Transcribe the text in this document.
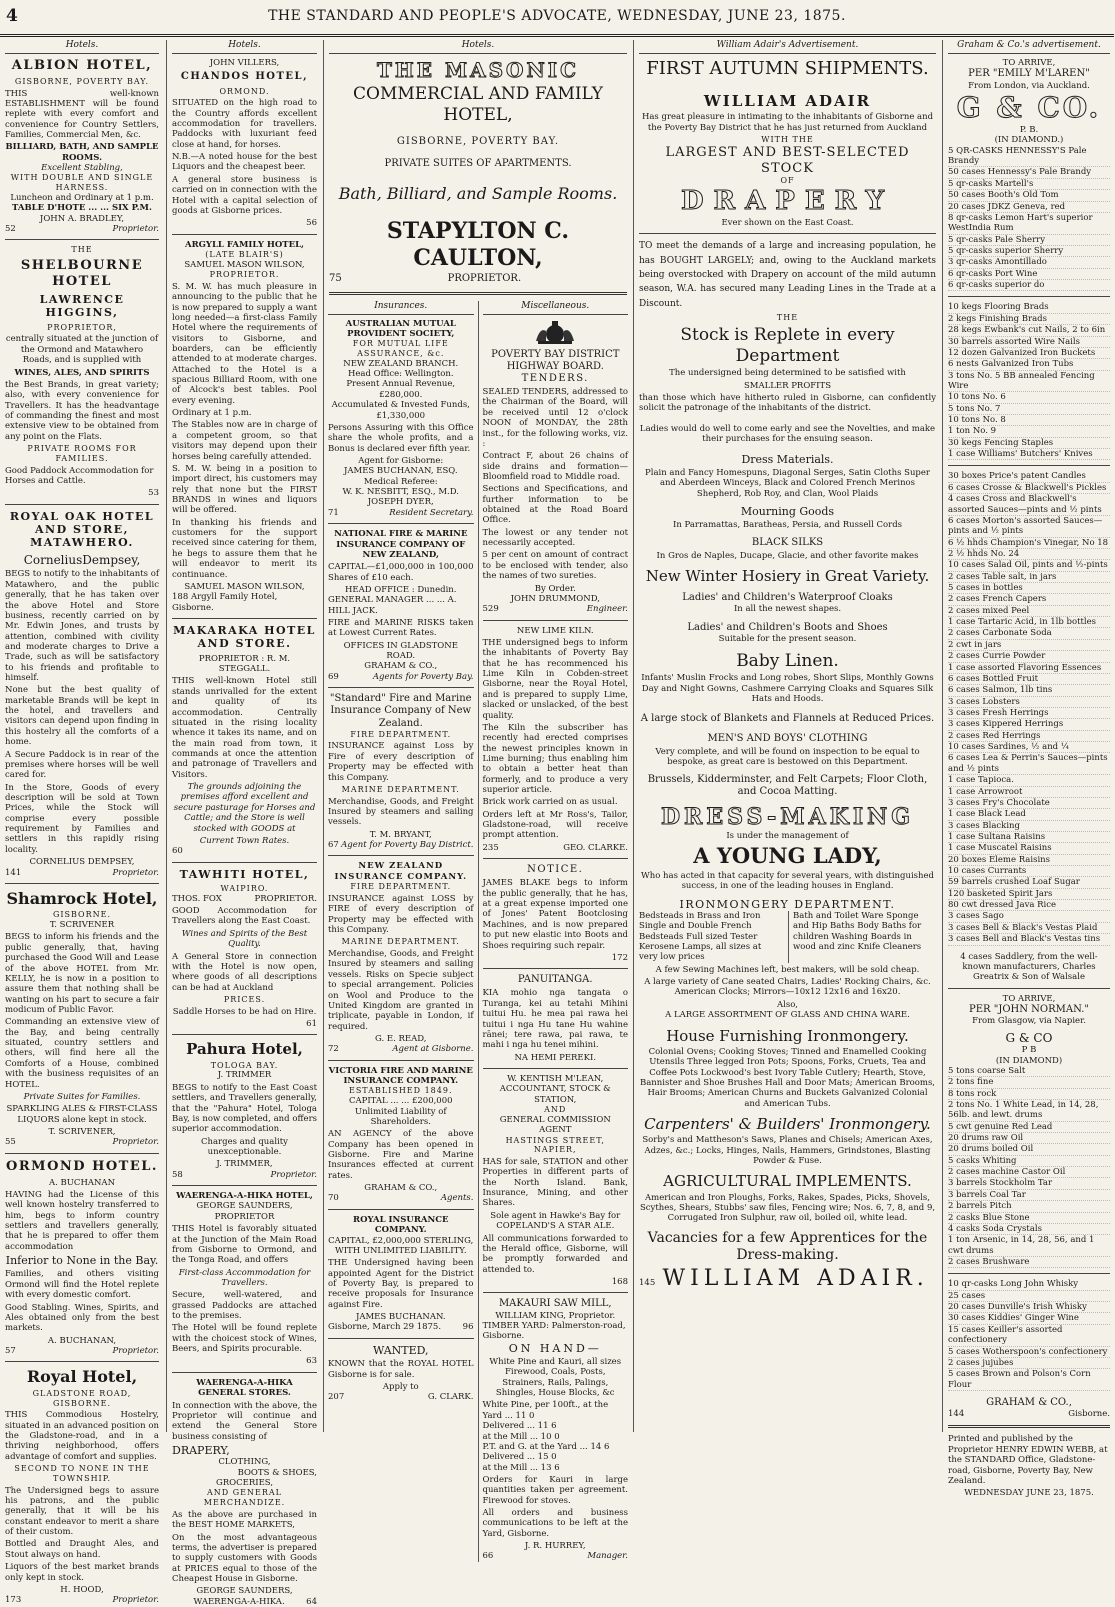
4	THE STANDARD AND PEOPLE'S ADVOCATE, WEDNESDAY, JUNE 23, 1875.
Hotels.
ALBION HOTEL,
GISBORNE, POVERTY BAY.

THIS well-known ESTABLISHMENT will be found replete with every comfort and convenience for Country Settlers, Families, Commercial Men, &c.

BILLIARD, BATH, AND SAMPLE ROOMS.
Excellent Stabling,
WITH DOUBLE AND SINGLE HARNESS.
Luncheon and Ordinary at 1 p.m.
TABLE D'HOTE ... ... SIX P.M.
JOHN A. BRADLEY,
52	Proprietor.
THE
SHELBOURNE HOTEL
LAWRENCE HIGGINS,
PROPRIETOR,

centrally situated at the junction of the Ormond and Matawhero Roads, and is supplied with

WINES, ALES, AND SPIRITS

the Best Brands, in great variety; also, with every convenience for Travellers. It has the headvantage of commanding the finest and most extensive view to be obtained from any point on the Flats.

PRIVATE ROOMS FOR FAMILIES.

Good Paddock Accommodation for Horses and Cattle.

53
ROYAL OAK HOTEL AND STORE, MATAWHERO.
CorneliusDempsey,

BEGS to notify to the inhabitants of Matawhero, and the public generally, that he has taken over the above Hotel and Store business, recently carried on by Mr. Edwin Jones, and trusts by attention, combined with civility and moderate charges to Drive a Trade, such as will be satisfactory to his friends and profitable to himself.

None but the best quality of marketable Brands will be kept in the hotel, and travellers and visitors can depend upon finding in this hostelry all the comforts of a home.

A Secure Paddock is in rear of the premises where horses will be well cared for.

In the Store, Goods of every description will be sold at Town Prices, while the Stock will comprise every possible requirement by Families and settlers in this rapidly rising locality.

CORNELIUS DEMPSEY,
141	Proprietor.
Shamrock Hotel,
GISBORNE.
T. SCRIVENER

BEGS to inform his friends and the public generally, that, having purchased the Good Will and Lease of the above HOTEL from Mr. KELLY, he is now in a position to assure them that nothing shall be wanting on his part to secure a fair modicum of Public Favor.

Commanding an extensive view of the Bay, and being centrally situated, country settlers and others, will find here all the Comforts of a House, combined with the business requisites of an HOTEL.

Private Suites for Families.

SPARKLING ALES & FIRST-CLASS LIQUORS alone kept in stock.

T. SCRIVENER,
55	Proprietor.
ORMOND HOTEL.
A. BUCHANAN

HAVING had the License of this well known hostelry transferred to him, begs to inform country settlers and travellers generally, that he is prepared to offer them accommodation

Inferior to None in the Bay.

Families, and others visiting Ormond will find the Hotel replete with every domestic comfort.

Good Stabling. Wines, Spirits, and Ales obtained only from the best markets.

A. BUCHANAN,
57	Proprietor.
Royal Hotel,
GLADSTONE ROAD, GISBORNE.

THIS Commodious Hostelry, situated in an advanced position on the Gladstone-road, and in a thriving neighborhood, offers advantage of comfort and supplies.

SECOND TO NONE IN THE TOWNSHIP.

The Undersigned begs to assure his patrons, and the public generally, that it will be his constant endeavor to merit a share of their custom.

Bottled and Draught Ales, and Stout always on hand.

Liquors of the best market brands only kept in stock.

H. HOOD,
173	Proprietor.
Hotels.
JOHN VILLERS,
CHANDOS HOTEL,
ORMOND.

SITUATED on the high road to the Country affords excellent accommodation for travellers. Paddocks with luxuriant feed close at hand, for horses.

N.B.—A noted house for the best Liquors and the cheapest beer.

A general store business is carried on in connection with the Hotel with a capital selection of goods at Gisborne prices.

56
ARGYLL FAMILY HOTEL,
(LATE BLAIR'S)
SAMUEL MASON WILSON,
PROPRIETOR.

S. M. W. has much pleasure in announcing to the public that he is now prepared to supply a want long needed—a first-class Family Hotel where the requirements of visitors to Gisborne, and boarders, can be efficiently attended to at moderate charges. Attached to the Hotel is a spacious Billiard Room, with one of Alcock's best tables. Pool every evening.

Ordinary at 1 p.m.

The Stables now are in charge of a competent groom, so that visitors may depend upon their horses being carefully attended.

S. M. W. being in a position to import direct, his customers may rely that none but the FIRST BRANDS in wines and liquors will be offered.

In thanking his friends and customers for the support received since catering for them, he begs to assure them that he will endeavor to merit its continuance.

SAMUEL MASON WILSON,
188 Argyll Family Hotel, Gisborne.
MAKARAKA HOTEL AND STORE.
PROPRIETOR : R. M. STEGGALL.

THIS well-known Hotel still stands unrivalled for the extent and quality of its accommodation. Centrally situated in the rising locality whence it takes its name, and on the main road from town, it commands at once the attention and patronage of Travellers and Visitors.

The grounds adjoining the premises afford excellent and secure pasturage for Horses and Cattle; and the Store is well stocked with GOODS at

Current Town Rates.
60
TAWHITI HOTEL,
WAIPIRO.
THOS. FOX	PROPRIETOR.

GOOD Accommodation for Travellers along the East Coast.

Wines and Spirits of the Best Quality.

A General Store in connection with the Hotel is now open, where goods of all descriptions can be had at Auckland

PRICES.

Saddle Horses to be had on Hire.

61
Pahura Hotel,
TOLOGA BAY.
J. TRIMMER

BEGS to notify to the East Coast settlers, and Travellers generally, that the "Pahura" Hotel, Tologa Bay, is now completed, and offers superior accommodation.

Charges and quality unexceptionable.

J. TRIMMER,
58	Proprietor.
WAERENGA-A-HIKA HOTEL,
GEORGE SAUNDERS, PROPRIETOR

THIS Hotel is favorably situated at the Junction of the Main Road from Gisborne to Ormond, and the Tonga Road, and offers

First-class Accommodation for Travellers.

Secure, well-watered, and grassed Paddocks are attached to the premises.

The Hotel will be found replete with the choicest stock of Wines, Beers, and Spirits procurable.

63
WAERENGA-A-HIKA GENERAL STORES.

In connection with the above, the Proprietor will continue and extend the General Store business consisting of

DRAPERY,
CLOTHING,
BOOTS & SHOES,
GROCERIES,
AND GENERAL MERCHANDIZE.

As the above are purchased in the BEST HOME MARKETS,

On the most advantageous terms, the advertiser is prepared to supply customers with Goods at PRICES equal to those of the Cheapest House in Gisborne.

GEORGE SAUNDERS,
WAERENGA-A-HIKA.	64
Hotels.
THE MASONIC
COMMERCIAL AND FAMILY HOTEL,
GISBORNE, POVERTY BAY.
PRIVATE SUITES OF APARTMENTS.
Bath, Billiard, and Sample Rooms.
STAPYLTON C. CAULTON,
75	PROPRIETOR.
Insurances.
AUSTRALIAN MUTUAL PROVIDENT SOCIETY,
FOR MUTUAL LIFE ASSURANCE, &c.
NEW ZEALAND BRANCH.
Head Office: Wellington.
Present Annual Revenue, £280,000.
Accumulated & Invested Funds, £1,330,000

Persons Assuring with this Office share the whole profits, and a Bonus is declared ever fifth year.

Agent for Gisborne:
JAMES BUCHANAN, ESQ.
Medical Referee:
W. K. NESBITT, ESQ., M.D.
JOSEPH DYER,
71	Resident Secretary.
NATIONAL FIRE & MARINE INSURANCE COMPANY OF NEW ZEALAND,

CAPITAL—£1,000,000 in 100,000 Shares of £10 each.

HEAD OFFICE : Dunedin.
GENERAL MANAGER ... ... A. HILL JACK.

FIRE and MARINE RISKS taken at Lowest Current Rates.

OFFICES IN GLADSTONE ROAD.
GRAHAM & CO.,
69	Agents for Poverty Bay.
"Standard" Fire and Marine Insurance Company of New Zealand.
FIRE DEPARTMENT.

INSURANCE against Loss by Fire of every description of Property may be effected with this Company.

MARINE DEPARTMENT.

Merchandise, Goods, and Freight Insured by steamers and sailing vessels.

T. M. BRYANT,
67 Agent for Poverty Bay District.
NEW ZEALAND INSURANCE COMPANY.
FIRE DEPARTMENT.

INSURANCE against LOSS by FIRE of every description of Property may be effected with this Company.

MARINE DEPARTMENT.

Merchandise, Goods, and Freight Insured by steamers and sailing vessels. Risks on Specie subject to special arrangement. Policies on Wool and Produce to the United Kingdom are granted in triplicate, payable in London, if required.

G. E. READ,
72	Agent at Gisborne.
VICTORIA FIRE AND MARINE INSURANCE COMPANY.
ESTABLISHED 1849.
CAPITAL ... ... £200,000
Unlimited Liability of Shareholders.

AN AGENCY of the above Company has been opened in Gisborne. Fire and Marine Insurances effected at current rates.

GRAHAM & CO.,
70	Agents.
ROYAL INSURANCE COMPANY.
CAPITAL, £2,000,000 STERLING, WITH UNLIMITED LIABILITY.

THE Undersigned having been appointed Agent for the District of Poverty Bay, is prepared to receive proposals for Insurance against Fire.

JAMES BUCHANAN.
Gisborne, March 29 1875.	96
WANTED,

KNOWN that the ROYAL HOTEL Gisborne is for sale.

Apply to
207	G. CLARK.
Miscellaneous.
POVERTY BAY DISTRICT HIGHWAY BOARD.
TENDERS.

SEALED TENDERS, addressed to the Chairman of the Board, will be received until 12 o'clock NOON of MONDAY, the 28th inst., for the following works, viz. :

Contract F, about 26 chains of side drains and formation—Bloomfield road to Middle road.

Sections and Specifications, and further information to be obtained at the Road Board Office.

The lowest or any tender not necessarily accepted.

5 per cent on amount of contract to be enclosed with tender, also the names of two sureties.

By Order.
JOHN DRUMMOND,
529	Engineer.
NEW LIME KILN.

THE undersigned begs to inform the inhabitants of Poverty Bay that he has recommenced his Lime Kiln in Cobden-street Gisborne, near the Royal Hotel, and is prepared to supply Lime, slacked or unslacked, of the best quality.

The Kiln the subscriber has recently had erected comprises the newest principles known in Lime burning; thus enabling him to obtain a better heat than formerly, and to produce a very superior article.

Brick work carried on as usual.

Orders left at Mr Ross's, Tailor, Gladstone-road, will receive prompt attention.

235	GEO. CLARKE.
NOTICE.

JAMES BLAKE begs to inform the public generally, that he has, at a great expense imported one of Jones' Patent Bootclosing Machines, and is now prepared to put new elastic into Boots and Shoes requiring such repair.

172
PANUITANGA.

KIA mohio nga tangata o Turanga, kei au tetahi Mihini tuitui Hu. he mea pai rawa hei tuitui i nga Hu tane Hu wahine rānei; tere rawa, pai rawa, te mahi i nga hu tenei mihini.

NA HEMI PEREKI.
W. KENTISH M'LEAN,
ACCOUNTANT, STOCK & STATION,
AND
GENERAL COMMISSION AGENT
HASTINGS STREET, NAPIER,

HAS for sale, STATION and other Properties in different parts of the North Island. Bank, Insurance, Mining, and other Shares.

Sole agent in Hawke's Bay for
COPELAND'S A STAR ALE.

All communications forwarded to the Herald office, Gisborne, will be promptly forwarded and attended to.

168
MAKAURI SAW MILL,
WILLIAM KING, Proprietor.
TIMBER YARD: Palmerston-road, Gisborne.
ON HAND—

White Pine and Kauri, all sizes Firewood, Coals, Posts, Strainers, Rails, Palings, Shingles, House Blocks, &c

White Pine, per 100ft., at the Yard ... 11 0
Delivered ... 11 6
at the Mill ... 10 0
P.T. and G. at the Yard ... 14 6
Delivered ... 15 0
at the Mill ... 13 6

Orders for Kauri in large quantities taken per agreement. Firewood for stoves.

All orders and business communications to be left at the Yard, Gisborne.

J. R. HURREY,
66	Manager.
William Adair's Advertisement.
FIRST AUTUMN SHIPMENTS.
WILLIAM ADAIR

Has great pleasure in intimating to the inhabitants of Gisborne and the Poverty Bay District that he has just returned from Auckland

WITH THE
LARGEST AND BEST-SELECTED STOCK
OF
DRAPERY
Ever shown on the East Coast.

TO meet the demands of a large and increasing population, he has BOUGHT LARGELY; and, owing to the Auckland markets being overstocked with Drapery on account of the mild autumn season, W.A. has secured many Leading Lines in the Trade at a Discount.

THE
Stock is Replete in every Department

The undersigned being determined to be satisfied with

SMALLER PROFITS

than those which have hitherto ruled in Gisborne, can confidently solicit the patronage of the inhabitants of the district.

Ladies would do well to come early and see the Novelties, and make their purchases for the ensuing season.

Dress Materials.

Plain and Fancy Homespuns, Diagonal Serges, Satin Cloths Super and Aberdeen Winceys, Black and Colored French Merinos Shepherd, Rob Roy, and Clan, Wool Plaids

Mourning Goods

In Parramattas, Baratheas, Persia, and Russell Cords

BLACK SILKS

In Gros de Naples, Ducape, Glacie, and other favorite makes

New Winter Hosiery in Great Variety.
Ladies' and Children's Waterproof Cloaks
In all the newest shapes.
Ladies' and Children's Boots and Shoes
Suitable for the present season.
Baby Linen.

Infants' Muslin Frocks and Long robes, Short Slips, Monthly Gowns Day and Night Gowns, Cashmere Carrying Cloaks and Squares Silk Hats and Hoods.

A large stock of Blankets and Flannels at Reduced Prices.
MEN'S AND BOYS' CLOTHING

Very complete, and will be found on inspection to be equal to bespoke, as great care is bestowed on this Department.

Brussels, Kidderminster, and Felt Carpets; Floor Cloth, and Cocoa Matting.
DRESS-MAKING
Is under the management of
A YOUNG LADY,

Who has acted in that capacity for several years, with distinguished success, in one of the leading houses in England.

IRONMONGERY DEPARTMENT.
Bedsteads in Brass and Iron Single and Double French Bedsteads Full sized Tester Kerosene Lamps, all sizes at very low prices
Bath and Toilet Ware Sponge and Hip Baths Body Baths for children Washing Boards in wood and zinc Knife Cleaners

A few Sewing Machines left, best makers, will be sold cheap.

A large variety of Cane seated Chairs, Ladies' Rocking Chairs, &c. American Clocks; Mirrors—10x12 12x16 and 16x20.

Also,
A LARGE ASSORTMENT OF GLASS AND CHINA WARE.
House Furnishing Ironmongery.

Colonial Ovens; Cooking Stoves; Tinned and Enamelled Cooking Utensils Three legged Iron Pots; Spoons, Forks, Cruets, Tea and Coffee Pots Lockwood's best Ivory Table Cutlery; Hearth, Stove, Bannister and Shoe Brushes Hall and Door Mats; American Brooms, Hair Brooms; American Churns and Buckets Galvanized Colonial and American Tubs.

Carpenters' & Builders' Ironmongery.

Sorby's and Mattheson's Saws, Planes and Chisels; American Axes, Adzes, &c.; Locks, Hinges, Nails, Hammers, Grindstones, Blasting Powder & Fuse.

AGRICULTURAL IMPLEMENTS.

American and Iron Ploughs, Forks, Rakes, Spades, Picks, Shovels, Scythes, Shears, Stubbs' saw files, Fencing wire; Nos. 6, 7, 8, and 9, Corrugated Iron Sulphur, raw oil, boiled oil, white lead.

Vacancies for a few Apprentices for the Dress-making.
145 WILLIAM ADAIR.
Graham & Co.'s advertisement.
TO ARRIVE,
PER "EMILY M'LAREN"
From London, via Auckland.
G & CO.
P. B.
(IN DIAMOND.)
5 QR-CASKS HENNESSY'S Pale Brandy
50 cases Hennessy's Pale Brandy
5 qr-casks Martell's
50 cases Booth's Old Tom
20 cases JDKZ Geneva, red
8 qr-casks Lemon Hart's superior WestIndia Rum
5 qr-casks Pale Sherry
5 qr-casks superior Sherry
3 qr-casks Amontillado
6 qr-casks Port Wine
6 qr-casks superior do
10 kegs Flooring Brads
2 kegs Finishing Brads
28 kegs Ewbank's cut Nails, 2 to 6in
30 barrels assorted Wire Nails
12 dozen Galvanized Iron Buckets
6 nests Galvanized Iron Tubs
3 tons No. 5 BB annealed Fencing Wire
10 tons No. 6
5 tons No. 7
10 tons No. 8
1 ton No. 9
30 kegs Fencing Staples
1 case Williams' Butchers' Knives
30 boxes Price's patent Candles
6 cases Crosse & Blackwell's Pickles
4 cases Cross and Blackwell's assorted Sauces—pints and ½ pints
6 cases Morton's assorted Sauces—pints and ½ pints
6 ½ hhds Champion's Vinegar, No 18
2 ½ hhds No. 24
10 cases Salad Oil, pints and ½-pints
2 cases Table salt, in jars
5 cases in bottles
2 cases French Capers
2 cases mixed Peel
1 case Tartaric Acid, in 1lb bottles
2 cases Carbonate Soda
2 cwt in jars
2 cases Currie Powder
1 case assorted Flavoring Essences
6 cases Bottled Fruit
6 cases Salmon, 1lb tins
3 cases Lobsters
3 cases Fresh Herrings
3 cases Kippered Herrings
2 cases Red Herrings
10 cases Sardines, ½ and ¼
6 cases Lea & Perrin's Sauces—pints and ½ pints
1 case Tapioca.
1 case Arrowroot
3 cases Fry's Chocolate
1 case Black Lead
3 cases Blacking
1 case Sultana Raisins
1 case Muscatel Raisins
20 boxes Eleme Raisins
10 cases Currants
59 barrels crushed Loaf Sugar
120 basketed Spirit Jars
80 cwt dressed Java Rice
3 cases Sago
3 cases Bell & Black's Vestas Plaid
3 cases Bell and Black's Vestas tins

4 cases Saddlery, from the well-known manufacturers, Charles Greatrix & Son of Walsale

TO ARRIVE,
PER "JOHN NORMAN."
From Glasgow, via Napier.
G & CO
P B
(IN DIAMOND)
5 tons coarse Salt
2 tons fine
8 tons rock
2 tons No. 1 White Lead, in 14, 28, 56lb. and lewt. drums
5 cwt genuine Red Lead
20 drums raw Oil
20 drums boiled Oil
5 casks Whiting
2 cases machine Castor Oil
3 barrels Stockholm Tar
3 barrels Coal Tar
2 barrels Pitch
2 casks Blue Stone
4 casks Soda Crystals
1 ton Arsenic, in 14, 28, 56, and 1 cwt drums
2 cases Brushware
10 qr-casks Long John Whisky
25 cases
20 cases Dunville's Irish Whisky
30 cases Kiddies' Ginger Wine
15 cases Keiller's assorted confectionery
5 cases Wotherspoon's confectionery
2 cases jujubes
5 cases Brown and Polson's Corn Flour
GRAHAM & CO.,
144	Gisborne.

Printed and published by the Proprietor HENRY EDWIN WEBB, at the STANDARD Office, Gladstone-road, Gisborne, Poverty Bay, New Zealand.

WEDNESDAY JUNE 23, 1875.
